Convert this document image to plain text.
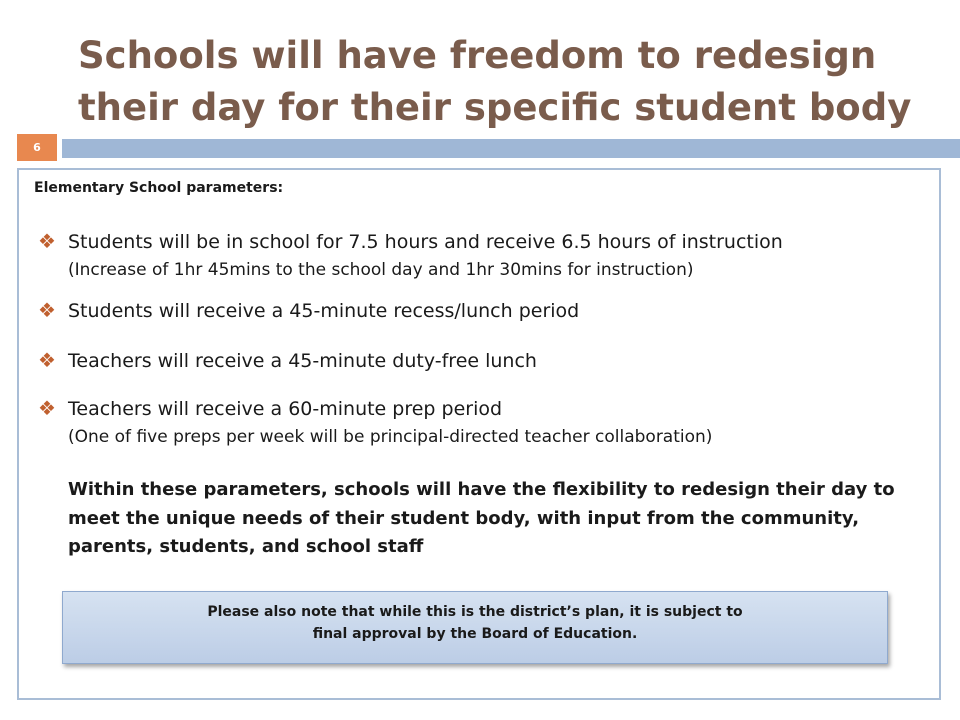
Schools will have freedom to redesign their day for their specific student body
6
Elementary School parameters:
❖ Students will be in school for 7.5 hours and receive 6.5 hours of instruction
(Increase of 1hr 45mins to the school day and 1hr 30mins for instruction)
❖ Students will receive a 45-minute recess/lunch period
❖ Teachers will receive a 45-minute duty-free lunch
❖ Teachers will receive a 60-minute prep period
(One of five preps per week will be principal-directed teacher collaboration)
Within these parameters, schools will have the flexibility to redesign their day to meet the unique needs of their student body, with input from the community, parents, students, and school staff
Please also note that while this is the district’s plan, it is subject to
final approval by the Board of Education.
